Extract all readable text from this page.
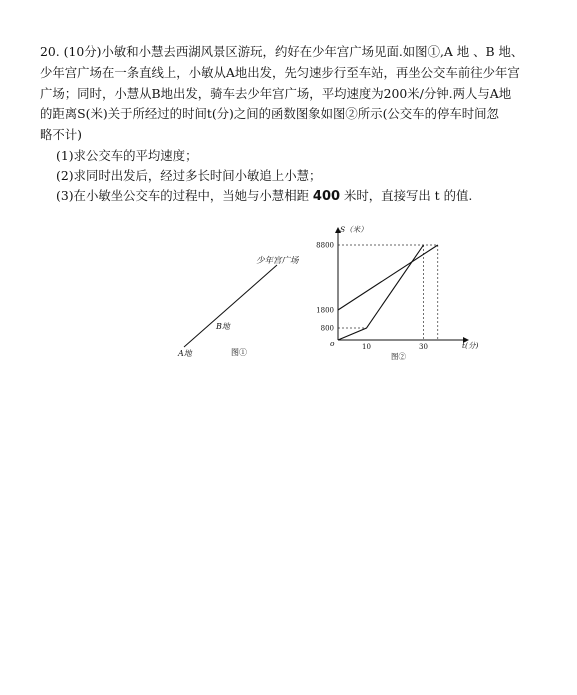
20. (10分)小敏和小慧去西湖风景区游玩，约好在少年宫广场见面.如图①,A 地 、B 地、
少年宫广场在一条直线上，小敏从A地出发，先匀速步行至车站，再坐公交车前往少年宫
广场；同时，小慧从B地出发，骑车去少年宫广场，平均速度为200米/分钟.两人与A地
的距离S(米)关于所经过的时间t(分)之间的函数图象如图②所示(公交车的停车时间忽
略不计)
(1)求公交车的平均速度；
(2)求同时出发后，经过多长时间小敏追上小慧；
(3)在小敏坐公交车的过程中，当她与小慧相距 400 米时，直接写出 t 的值.
少年宫广场
B地
A地	图①
S（米）
t(分)
o
800
1800
8800
10	30
图②
